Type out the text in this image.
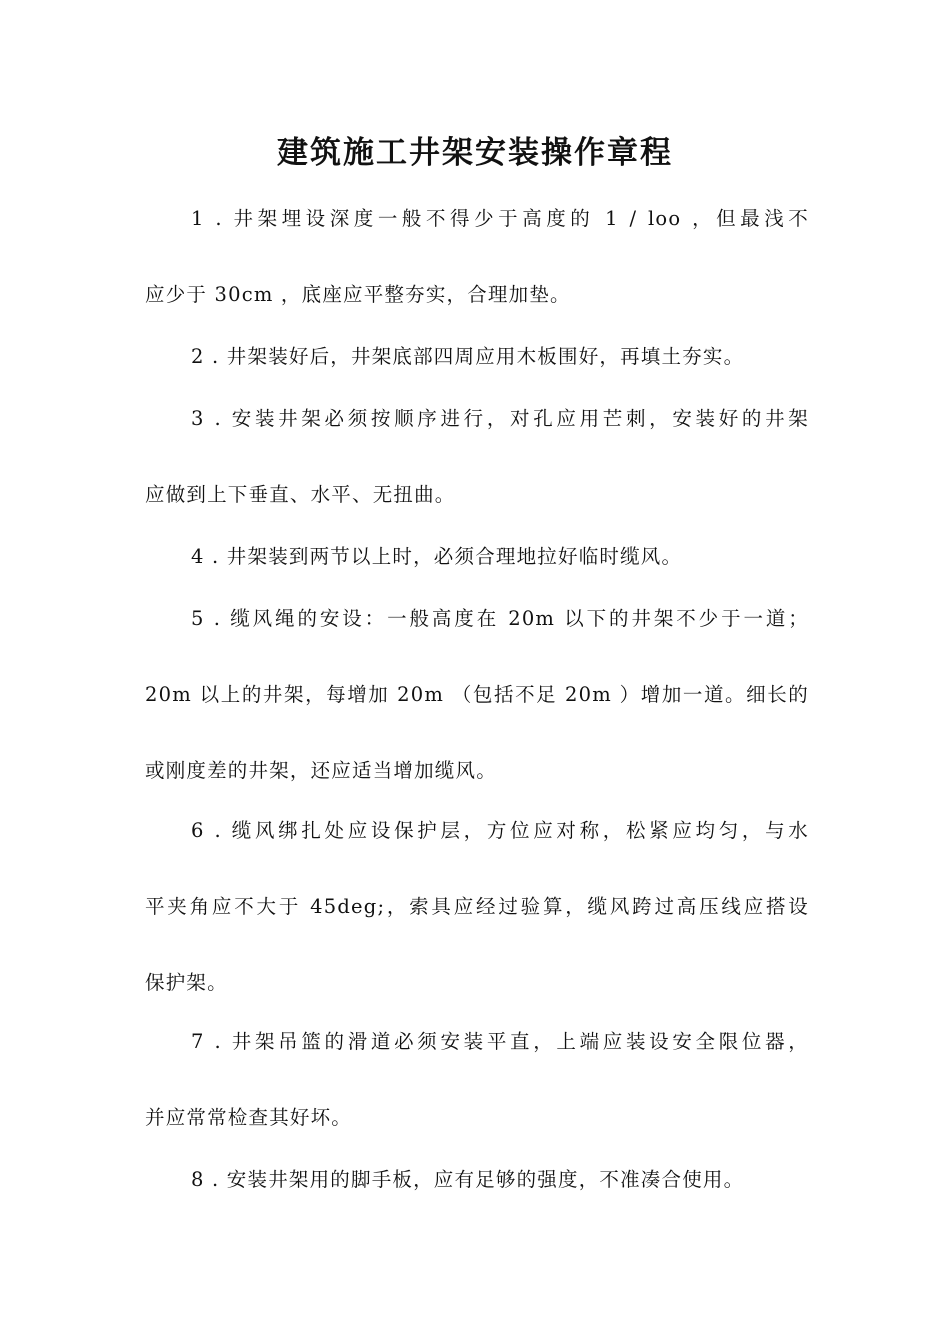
建筑施工井架安装操作章程
1 . 井架埋设深度一般不得少于高度的 1 / loo ，但最浅不
应少于 30cm ，底座应平整夯实，合理加垫。
2 . 井架装好后，井架底部四周应用木板围好，再填土夯实。
3 . 安装井架必须按顺序进行，对孔应用芒刺，安装好的井架
应做到上下垂直、水平、无扭曲。
4 . 井架装到两节以上时，必须合理地拉好临时缆风。
5 . 缆风绳的安设：一般高度在 20m 以下的井架不少于一道；
20m 以上的井架，每增加 20m （包括不足 20m ）增加一道。细长的
或刚度差的井架，还应适当增加缆风。
6 . 缆风绑扎处应设保护层，方位应对称，松紧应均匀，与水
平夹角应不大于 45deg;，索具应经过验算，缆风跨过高压线应搭设
保护架。
7 . 井架吊篮的滑道必须安装平直，上端应装设安全限位器，
并应常常检查其好坏。
8 . 安装井架用的脚手板，应有足够的强度，不准凑合使用。
